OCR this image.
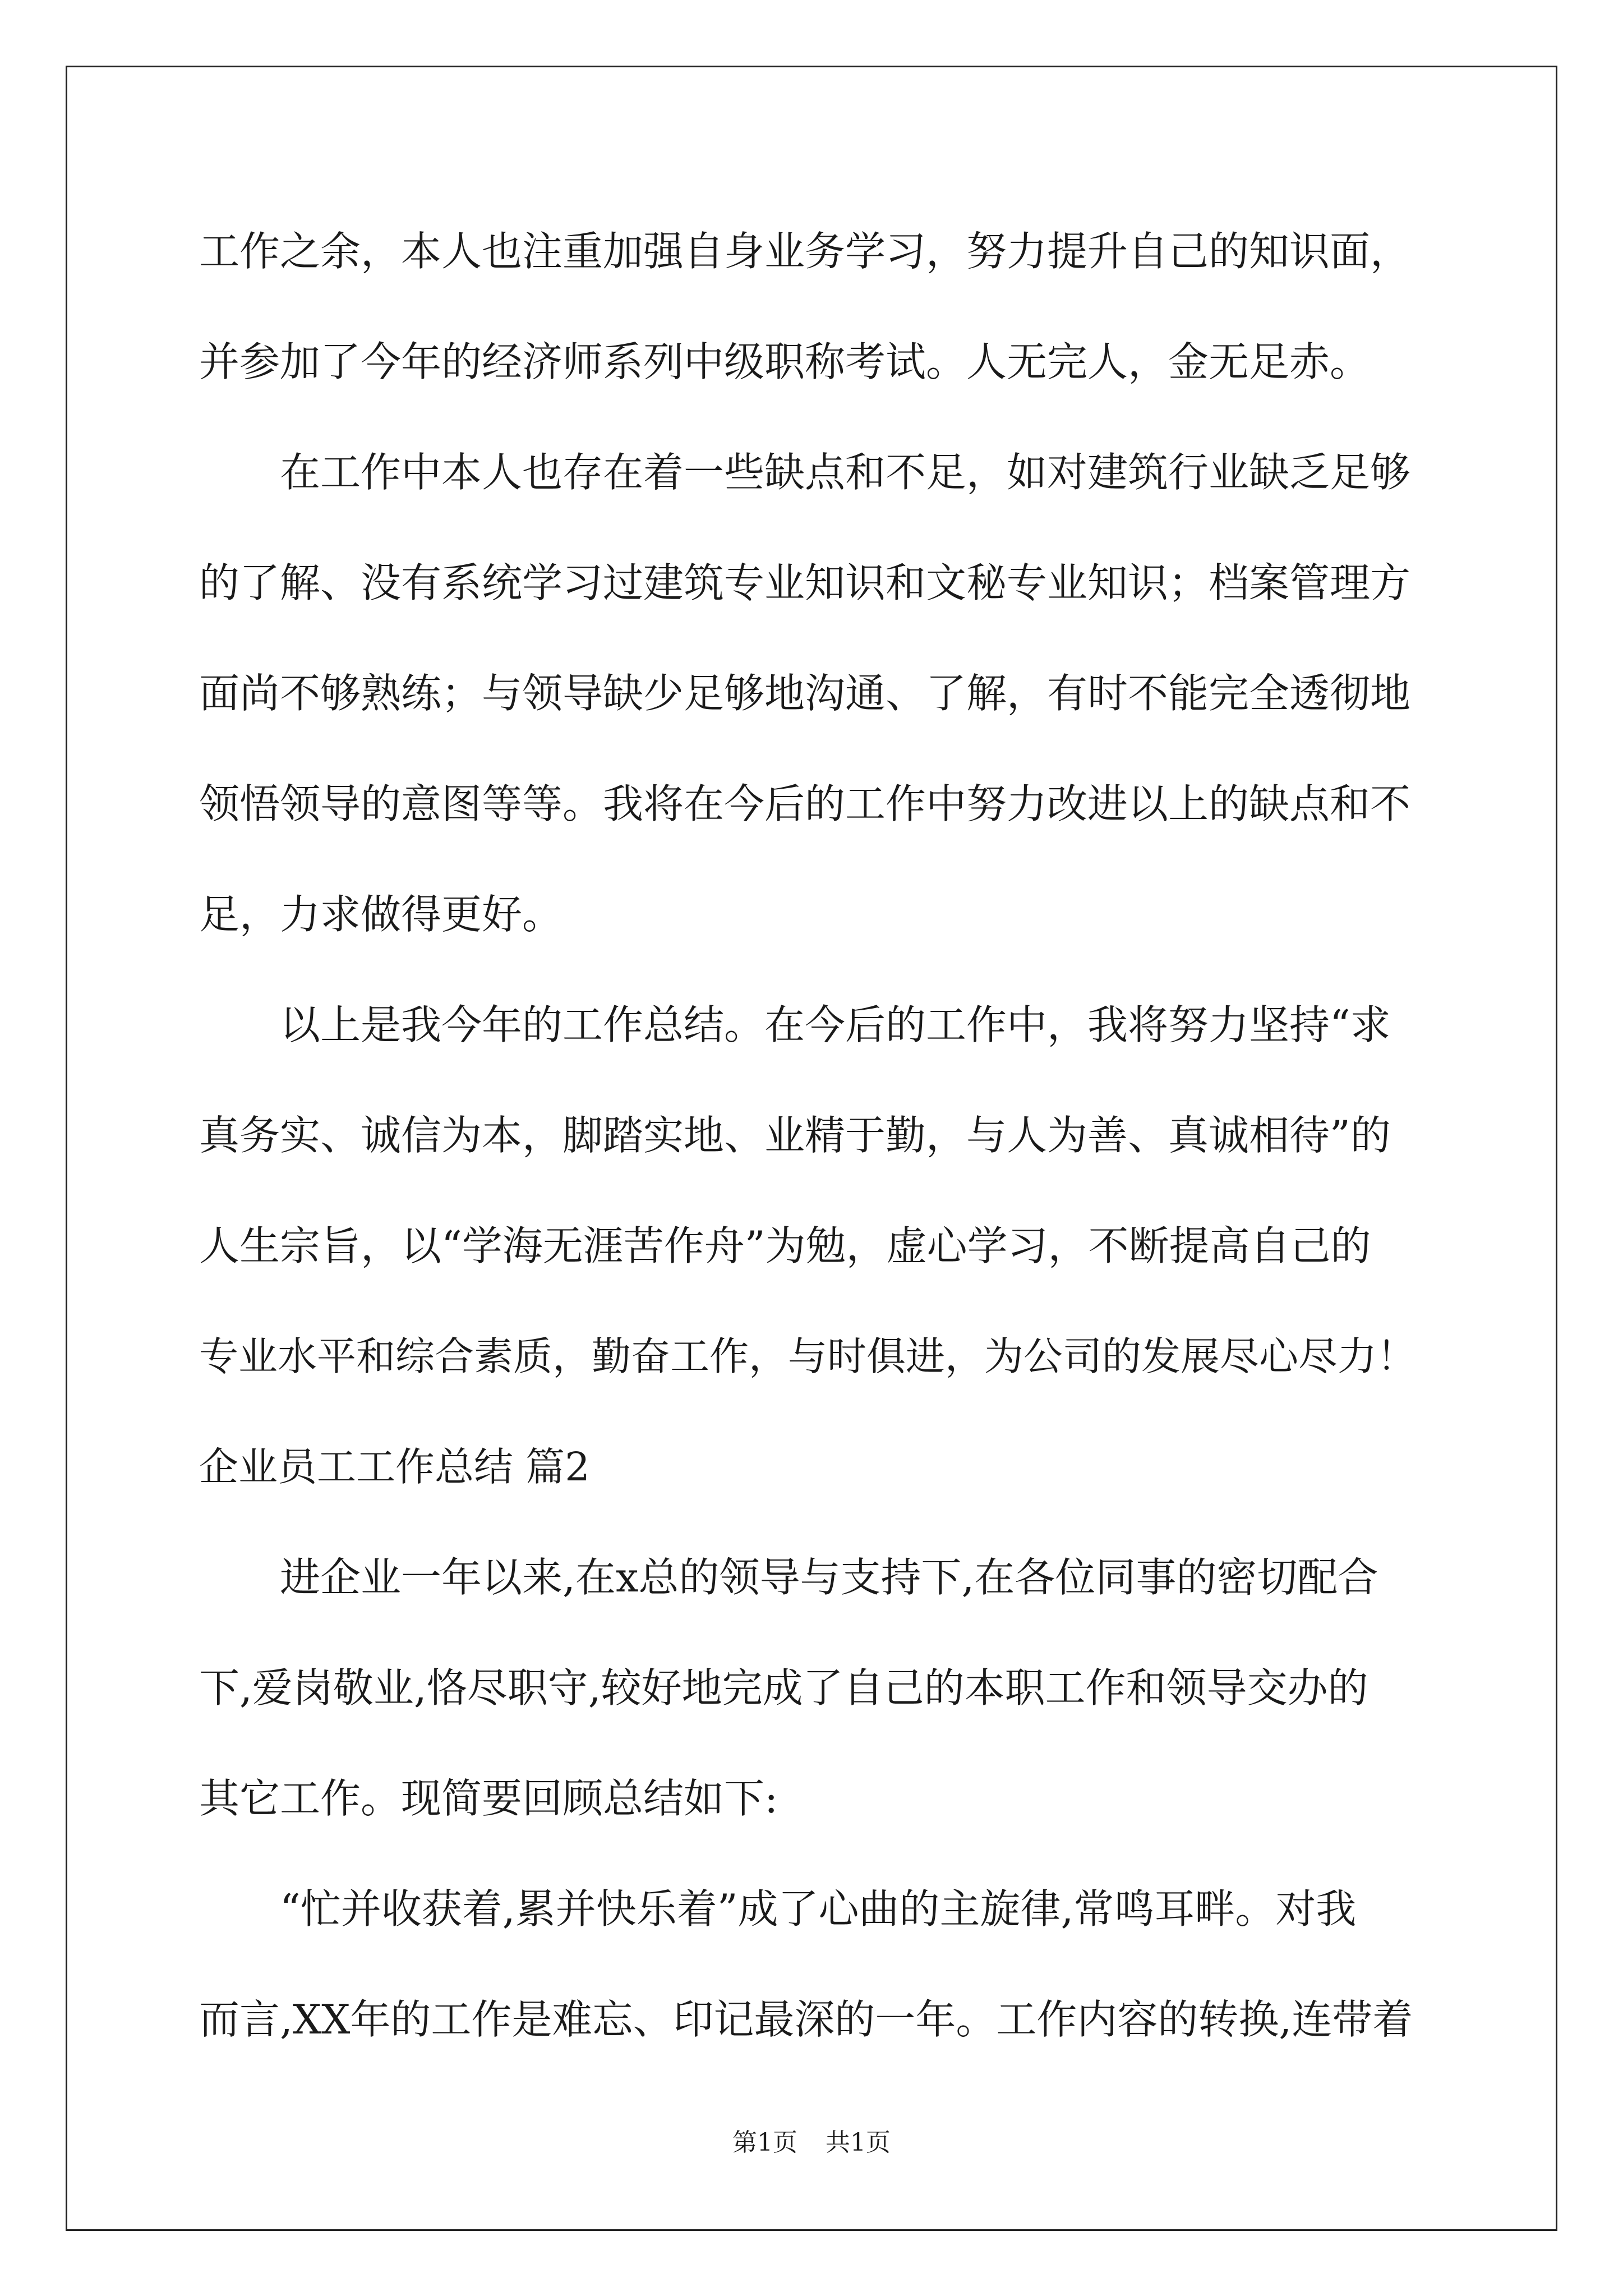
工作之余，本人也注重加强自身业务学习，努力提升自己的知识面，
并参加了今年的经济师系列中级职称考试。人无完人，金无足赤。
　　在工作中本人也存在着一些缺点和不足，如对建筑行业缺乏足够
的了解、没有系统学习过建筑专业知识和文秘专业知识；档案管理方
面尚不够熟练；与领导缺少足够地沟通、了解，有时不能完全透彻地
领悟领导的意图等等。我将在今后的工作中努力改进以上的缺点和不
足，力求做得更好。
　　以上是我今年的工作总结。在今后的工作中，我将努力坚持“求
真务实、诚信为本，脚踏实地、业精于勤，与人为善、真诚相待”的
人生宗旨，以“学海无涯苦作舟”为勉，虚心学习，不断提高自己的
专业水平和综合素质，勤奋工作，与时俱进，为公司的发展尽心尽力！
企业员工工作总结 篇2
　　进企业一年以来,在x总的领导与支持下,在各位同事的密切配合
下,爱岗敬业,恪尽职守,较好地完成了自己的本职工作和领导交办的
其它工作。现简要回顾总结如下:
　　“忙并收获着,累并快乐着”成了心曲的主旋律,常鸣耳畔。对我
而言,XX年的工作是难忘、印记最深的一年。工作内容的转换,连带着
第1页 共1页
